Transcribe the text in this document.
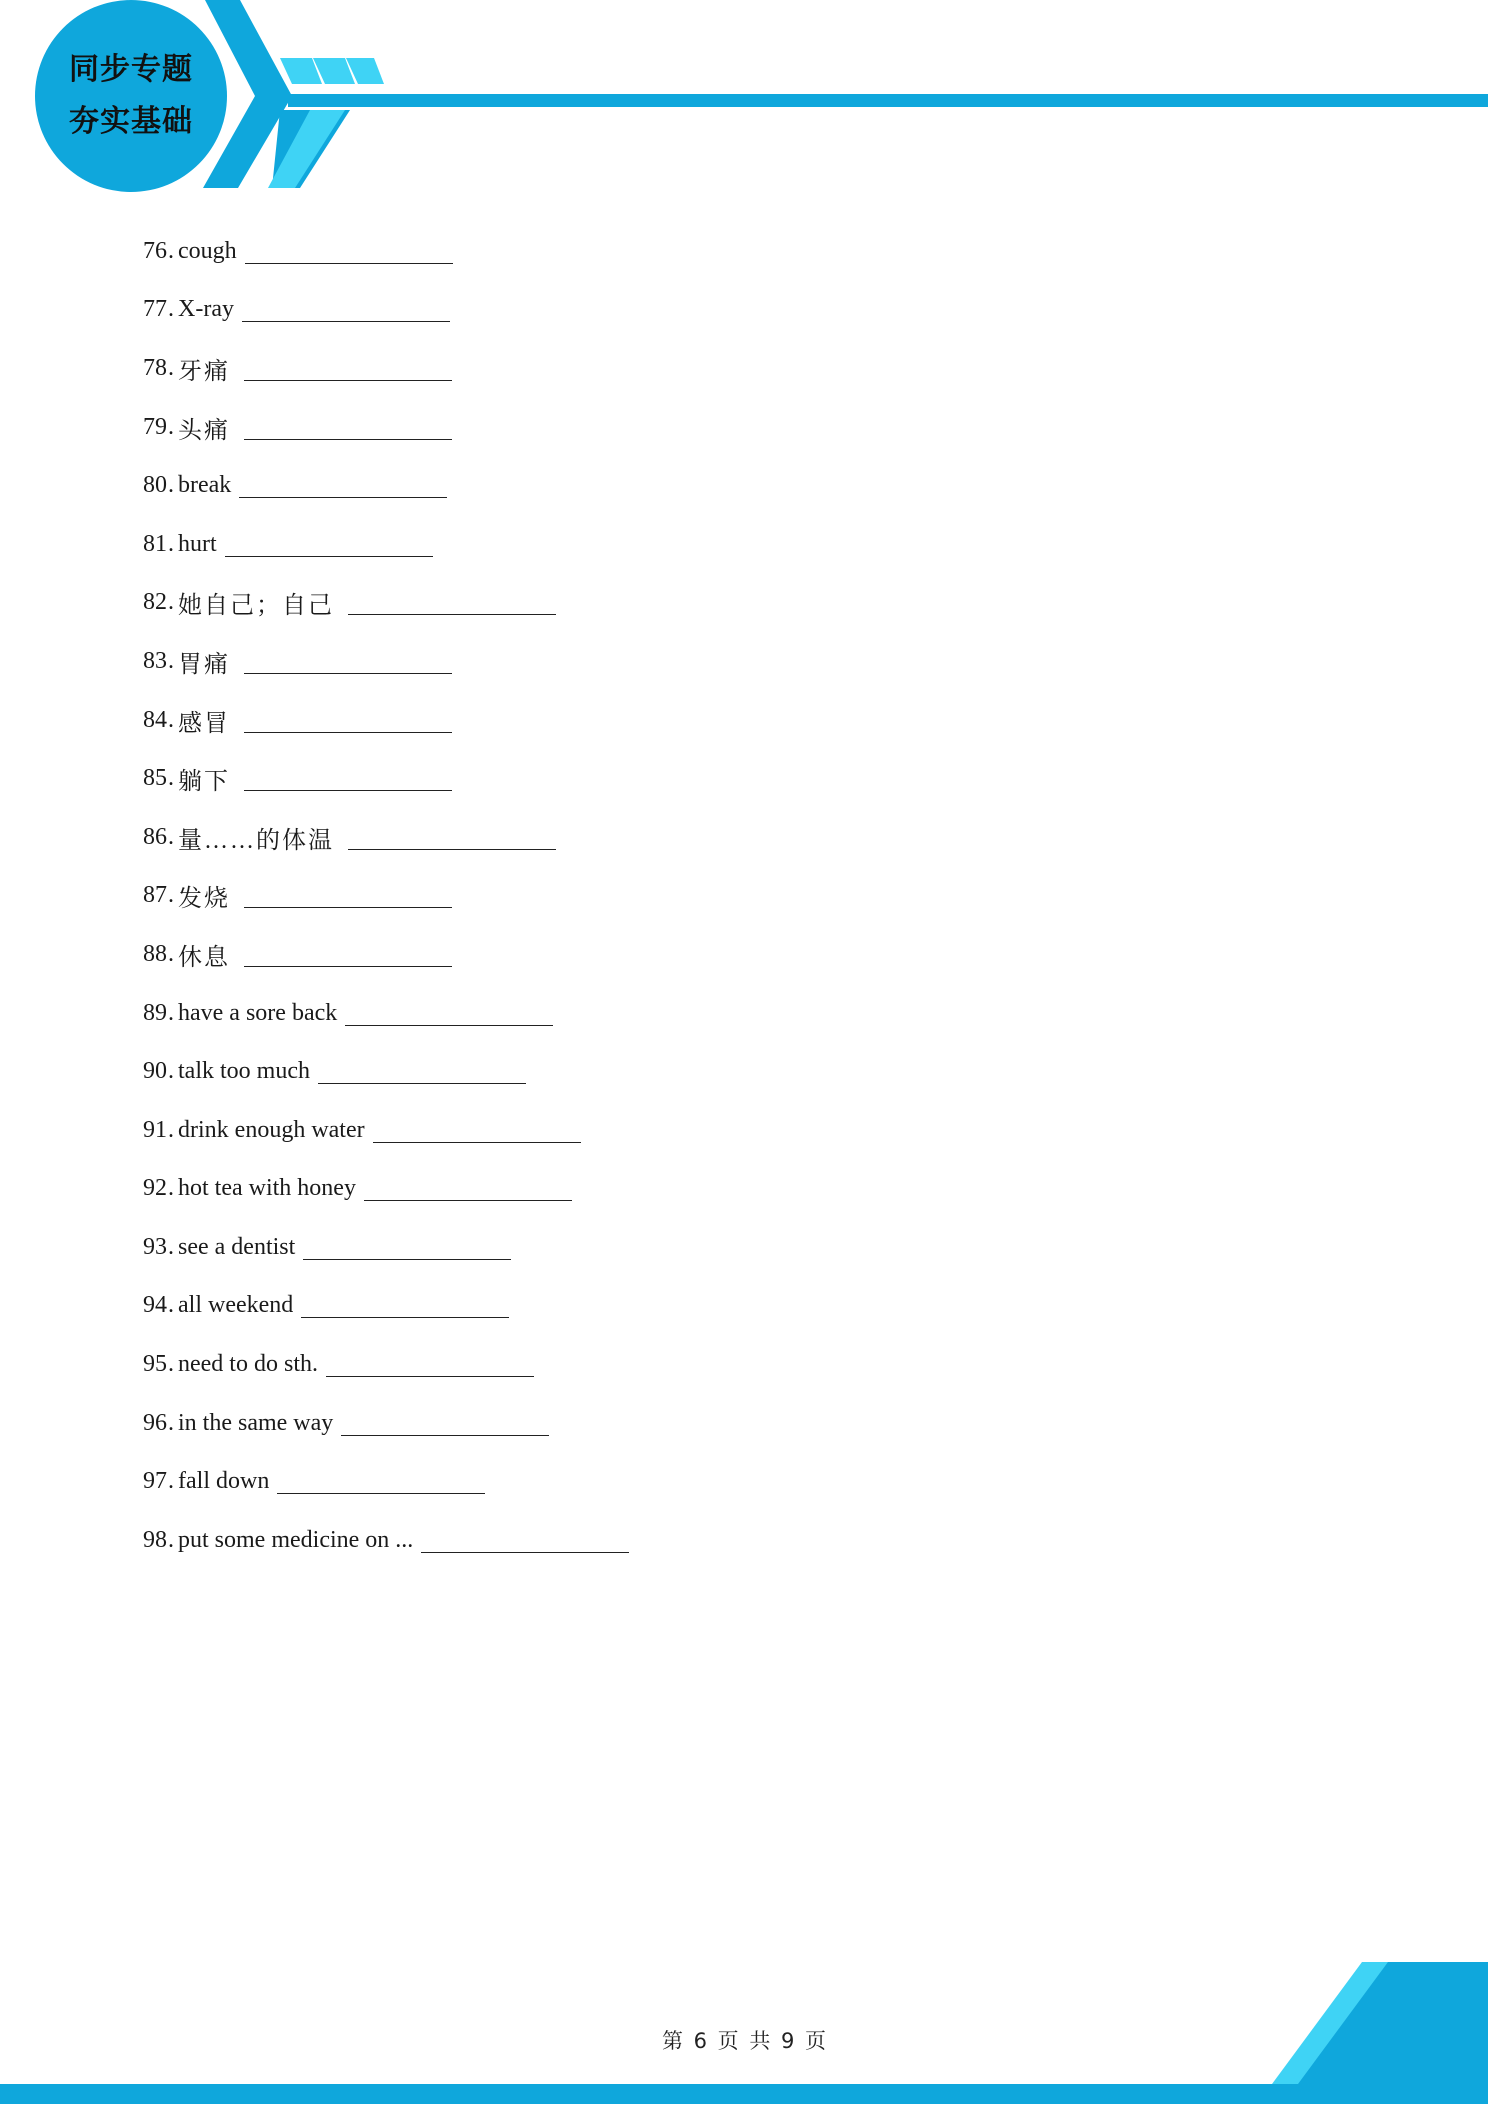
同步专题
夯实基础
76 . cough
77 . X-ray
78 . 牙痛
79 . 头痛
80 . break
81 . hurt
82 . 她自己；自己
83 . 胃痛
84 . 感冒
85 . 躺下
86 . 量……的体温
87 . 发烧
88 . 休息
89 . have a sore back
90 . talk too much
91 . drink enough water
92 . hot tea with honey
93 . see a dentist
94 . all weekend
95 . need to do sth.
96 . in the same way
97 . fall down
98 . put some medicine on ...
第 6 页 共 9 页
